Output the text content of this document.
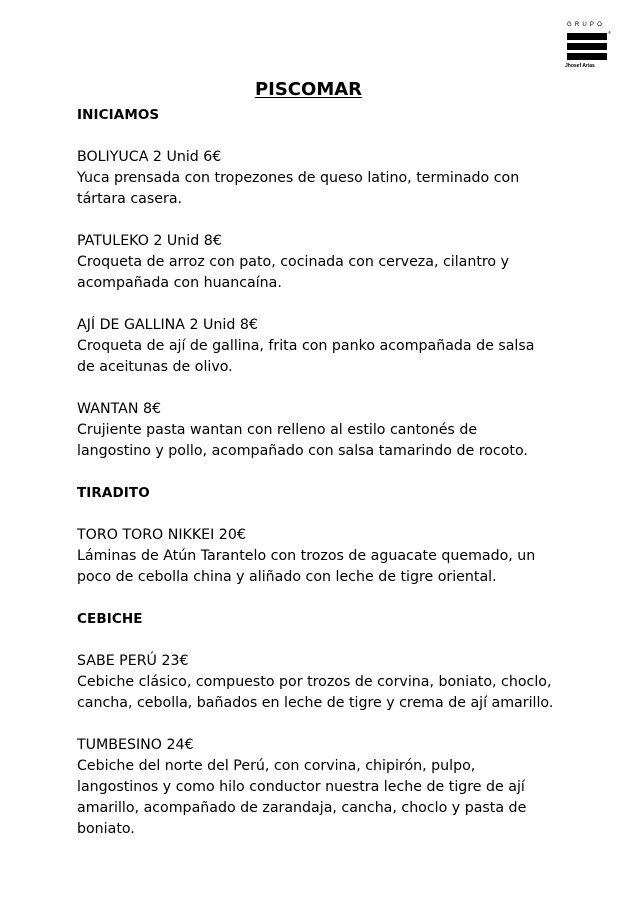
GRUPO
®
Jhosef Arias
PISCOMAR
INICIAMOS

BOLIYUCA 2 Unid 6€

Yuca prensada con tropezones de queso latino, terminado con

tártara casera.

PATULEKO 2 Unid 8€

Croqueta de arroz con pato, cocinada con cerveza, cilantro y

acompañada con huancaína.

AJÍ DE GALLINA 2 Unid 8€

Croqueta de ají de gallina, frita con panko acompañada de salsa

de aceitunas de olivo.

WANTAN 8€

Crujiente pasta wantan con relleno al estilo cantonés de

langostino y pollo, acompañado con salsa tamarindo de rocoto.

TIRADITO

TORO TORO NIKKEI 20€

Láminas de Atún Tarantelo con trozos de aguacate quemado, un

poco de cebolla china y aliñado con leche de tigre oriental.

CEBICHE

SABE PERÚ 23€

Cebiche clásico, compuesto por trozos de corvina, boniato, choclo,

cancha, cebolla, bañados en leche de tigre y crema de ají amarillo.

TUMBESINO 24€

Cebiche del norte del Perú, con corvina, chipirón, pulpo,

langostinos y como hilo conductor nuestra leche de tigre de ají

amarillo, acompañado de zarandaja, cancha, choclo y pasta de

boniato.
